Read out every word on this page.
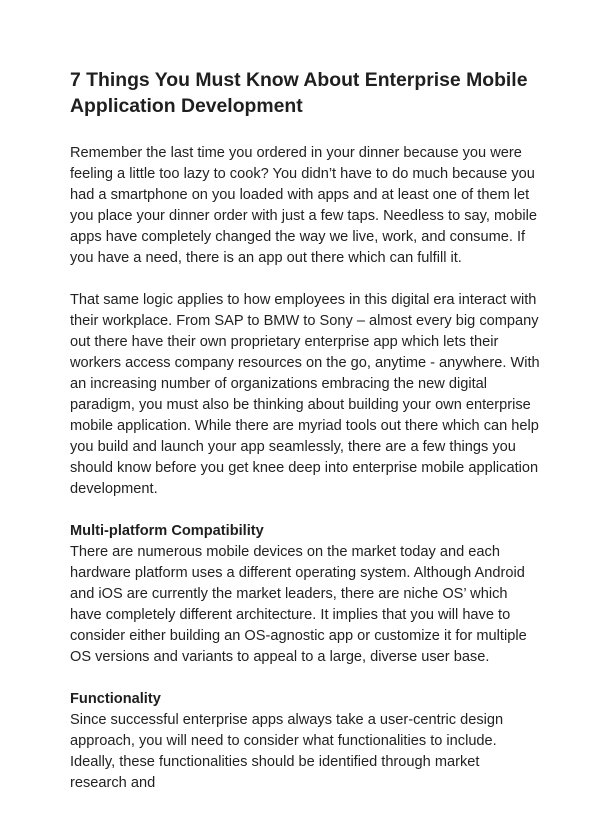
7 Things You Must Know About Enterprise Mobile Application Development

Remember the last time you ordered in your dinner because you were feeling a little too lazy to cook? You didn’t have to do much because you had a smartphone on you loaded with apps and at least one of them let you place your dinner order with just a few taps. Needless to say, mobile apps have completely changed the way we live, work, and consume. If you have a need, there is an app out there which can fulfill it.

That same logic applies to how employees in this digital era interact with their workplace. From SAP to BMW to Sony – almost every big company out there have their own proprietary enterprise app which lets their workers access company resources on the go, anytime - anywhere. With an increasing number of organizations embracing the new digital paradigm, you must also be thinking about building your own enterprise mobile application. While there are myriad tools out there which can help you build and launch your app seamlessly, there are a few things you should know before you get knee deep into enterprise mobile application development.

Multi-platform Compatibility

There are numerous mobile devices on the market today and each hardware platform uses a different operating system. Although Android and iOS are currently the market leaders, there are niche OS’ which have completely different architecture. It implies that you will have to consider either building an OS-agnostic app or customize it for multiple OS versions and variants to appeal to a large, diverse user base.

Functionality

Since successful enterprise apps always take a user-centric design approach, you will need to consider what functionalities to include. Ideally, these functionalities should be identified through market research and
